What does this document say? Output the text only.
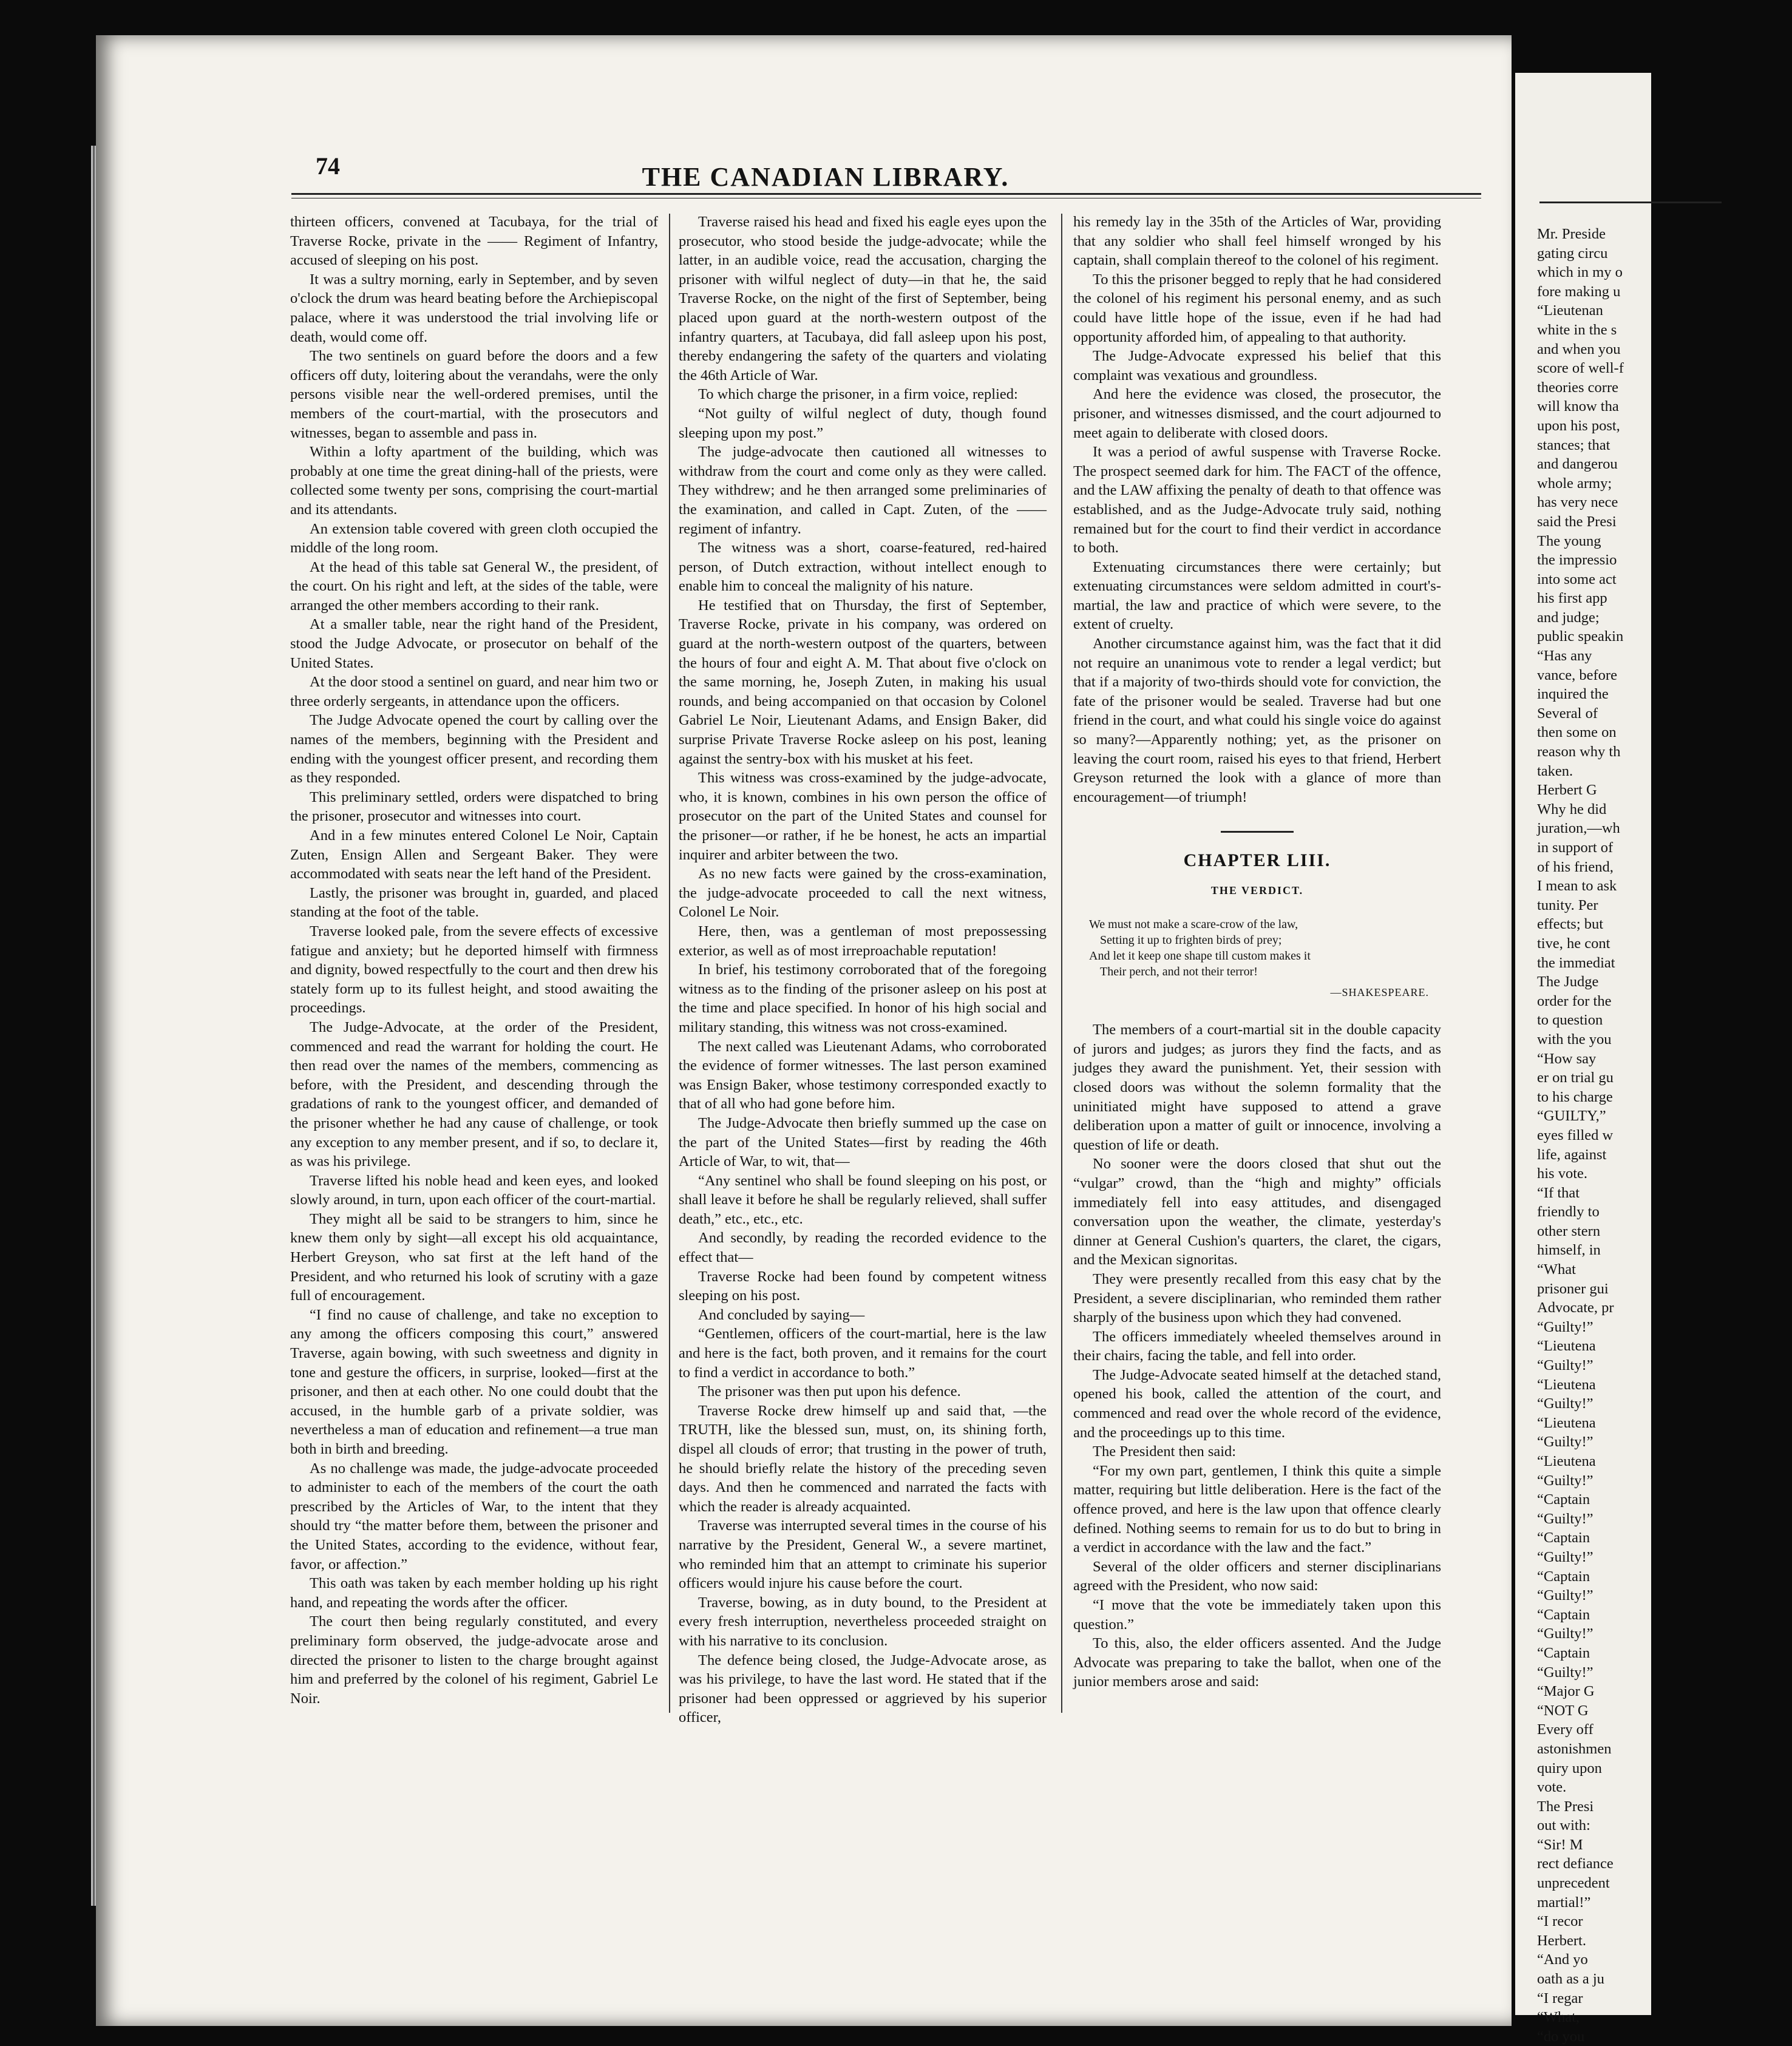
74	THE CANADIAN LIBRARY.

thirteen officers, convened at Tacubaya, for the trial of Traverse Rocke, private in the —— Regiment of Infantry, accused of sleeping on his post.

It was a sultry morning, early in September, and by seven o'clock the drum was heard beating before the Archiepiscopal palace, where it was understood the trial involving life or death, would come off.

The two sentinels on guard before the doors and a few officers off duty, loitering about the verandahs, were the only persons visible near the well-ordered premises, until the members of the court-martial, with the prosecutors and witnesses, began to assemble and pass in.

Within a lofty apartment of the building, which was probably at one time the great dining-hall of the priests, were collected some twenty per sons, comprising the court-martial and its attendants.

An extension table covered with green cloth occupied the middle of the long room.

At the head of this table sat General W., the president, of the court. On his right and left, at the sides of the table, were arranged the other members according to their rank.

At a smaller table, near the right hand of the President, stood the Judge Advocate, or prosecutor on behalf of the United States.

At the door stood a sentinel on guard, and near him two or three orderly sergeants, in attendance upon the officers.

The Judge Advocate opened the court by calling over the names of the members, beginning with the President and ending with the youngest officer present, and recording them as they responded.

This preliminary settled, orders were dispatched to bring the prisoner, prosecutor and witnesses into court.

And in a few minutes entered Colonel Le Noir, Captain Zuten, Ensign Allen and Sergeant Baker. They were accommodated with seats near the left hand of the President.

Lastly, the prisoner was brought in, guarded, and placed standing at the foot of the table.

Traverse looked pale, from the severe effects of excessive fatigue and anxiety; but he deported himself with firmness and dignity, bowed respectfully to the court and then drew his stately form up to its fullest height, and stood awaiting the proceedings.

The Judge-Advocate, at the order of the President, commenced and read the warrant for holding the court. He then read over the names of the members, commencing as before, with the President, and descending through the gradations of rank to the youngest officer, and demanded of the prisoner whether he had any cause of challenge, or took any exception to any member present, and if so, to declare it, as was his privilege.

Traverse lifted his noble head and keen eyes, and looked slowly around, in turn, upon each officer of the court-martial.

They might all be said to be strangers to him, since he knew them only by sight—all except his old acquaintance, Herbert Greyson, who sat first at the left hand of the President, and who returned his look of scrutiny with a gaze full of encouragement.

“I find no cause of challenge, and take no exception to any among the officers composing this court,” answered Traverse, again bowing, with such sweetness and dignity in tone and gesture the officers, in surprise, looked—first at the prisoner, and then at each other. No one could doubt that the accused, in the humble garb of a private soldier, was nevertheless a man of education and refinement—a true man both in birth and breeding.

As no challenge was made, the judge-advocate proceeded to administer to each of the members of the court the oath prescribed by the Articles of War, to the intent that they should try “the matter before them, between the prisoner and the United States, according to the evidence, without fear, favor, or affection.”

This oath was taken by each member holding up his right hand, and repeating the words after the officer.

The court then being regularly constituted, and every preliminary form observed, the judge-advocate arose and directed the prisoner to listen to the charge brought against him and preferred by the colonel of his regiment, Gabriel Le Noir.

Traverse raised his head and fixed his eagle eyes upon the prosecutor, who stood beside the judge-advocate; while the latter, in an audible voice, read the accusation, charging the prisoner with wilful neglect of duty—in that he, the said Traverse Rocke, on the night of the first of September, being placed upon guard at the north-western outpost of the infantry quarters, at Tacubaya, did fall asleep upon his post, thereby endangering the safety of the quarters and violating the 46th Article of War.

To which charge the prisoner, in a firm voice, replied:

“Not guilty of wilful neglect of duty, though found sleeping upon my post.”

The judge-advocate then cautioned all witnesses to withdraw from the court and come only as they were called. They withdrew; and he then arranged some preliminaries of the examination, and called in Capt. Zuten, of the —— regiment of infantry.

The witness was a short, coarse-featured, red-haired person, of Dutch extraction, without intellect enough to enable him to conceal the malignity of his nature.

He testified that on Thursday, the first of September, Traverse Rocke, private in his company, was ordered on guard at the north-western outpost of the quarters, between the hours of four and eight A. M. That about five o'clock on the same morning, he, Joseph Zuten, in making his usual rounds, and being accompanied on that occasion by Colonel Gabriel Le Noir, Lieutenant Adams, and Ensign Baker, did surprise Private Traverse Rocke asleep on his post, leaning against the sentry-box with his musket at his feet.

This witness was cross-examined by the judge-advocate, who, it is known, combines in his own person the office of prosecutor on the part of the United States and counsel for the prisoner—or rather, if he be honest, he acts an impartial inquirer and arbiter between the two.

As no new facts were gained by the cross-examination, the judge-advocate proceeded to call the next witness, Colonel Le Noir.

Here, then, was a gentleman of most prepossessing exterior, as well as of most irreproachable reputation!

In brief, his testimony corroborated that of the foregoing witness as to the finding of the prisoner asleep on his post at the time and place specified. In honor of his high social and military standing, this witness was not cross-examined.

The next called was Lieutenant Adams, who corroborated the evidence of former witnesses. The last person examined was Ensign Baker, whose testimony corresponded exactly to that of all who had gone before him.

The Judge-Advocate then briefly summed up the case on the part of the United States—first by reading the 46th Article of War, to wit, that—

“Any sentinel who shall be found sleeping on his post, or shall leave it before he shall be regularly relieved, shall suffer death,” etc., etc., etc.

And secondly, by reading the recorded evidence to the effect that—

Traverse Rocke had been found by competent witness sleeping on his post.

And concluded by saying—

“Gentlemen, officers of the court-martial, here is the law and here is the fact, both proven, and it remains for the court to find a verdict in accordance to both.”

The prisoner was then put upon his defence.

Traverse Rocke drew himself up and said that, —the TRUTH, like the blessed sun, must, on, its shining forth, dispel all clouds of error; that trusting in the power of truth, he should briefly relate the history of the preceding seven days. And then he commenced and narrated the facts with which the reader is already acquainted.

Traverse was interrupted several times in the course of his narrative by the President, General W., a severe martinet, who reminded him that an attempt to criminate his superior officers would injure his cause before the court.

Traverse, bowing, as in duty bound, to the President at every fresh interruption, nevertheless proceeded straight on with his narrative to its conclusion.

The defence being closed, the Judge-Advocate arose, as was his privilege, to have the last word. He stated that if the prisoner had been oppressed or aggrieved by his superior officer,

his remedy lay in the 35th of the Articles of War, providing that any soldier who shall feel himself wronged by his captain, shall complain thereof to the colonel of his regiment.

To this the prisoner begged to reply that he had considered the colonel of his regiment his personal enemy, and as such could have little hope of the issue, even if he had had opportunity afforded him, of appealing to that authority.

The Judge-Advocate expressed his belief that this complaint was vexatious and groundless.

And here the evidence was closed, the prosecutor, the prisoner, and witnesses dismissed, and the court adjourned to meet again to deliberate with closed doors.

It was a period of awful suspense with Traverse Rocke. The prospect seemed dark for him. The FACT of the offence, and the LAW affixing the penalty of death to that offence was established, and as the Judge-Advocate truly said, nothing remained but for the court to find their verdict in accordance to both.

Extenuating circumstances there were certainly; but extenuating circumstances were seldom admitted in court's-martial, the law and practice of which were severe, to the extent of cruelty.

Another circumstance against him, was the fact that it did not require an unanimous vote to render a legal verdict; but that if a majority of two-thirds should vote for conviction, the fate of the prisoner would be sealed. Traverse had but one friend in the court, and what could his single voice do against so many?—Apparently nothing; yet, as the prisoner on leaving the court room, raised his eyes to that friend, Herbert Greyson returned the look with a glance of more than encouragement—of triumph!

CHAPTER LIII.
THE VERDICT.
We must not make a scare-crow of the law,
Setting it up to frighten birds of prey;
And let it keep one shape till custom makes it
Their perch, and not their terror!
—SHAKESPEARE.

The members of a court-martial sit in the double capacity of jurors and judges; as jurors they find the facts, and as judges they award the punishment. Yet, their session with closed doors was without the solemn formality that the uninitiated might have supposed to attend a grave deliberation upon a matter of guilt or innocence, involving a question of life or death.

No sooner were the doors closed that shut out the “vulgar” crowd, than the “high and mighty” officials immediately fell into easy attitudes, and disengaged conversation upon the weather, the climate, yesterday's dinner at General Cushion's quarters, the claret, the cigars, and the Mexican signoritas.

They were presently recalled from this easy chat by the President, a severe disciplinarian, who reminded them rather sharply of the business upon which they had convened.

The officers immediately wheeled themselves around in their chairs, facing the table, and fell into order.

The Judge-Advocate seated himself at the detached stand, opened his book, called the attention of the court, and commenced and read over the whole record of the evidence, and the proceedings up to this time.

The President then said:

“For my own part, gentlemen, I think this quite a simple matter, requiring but little deliberation. Here is the fact of the offence proved, and here is the law upon that offence clearly defined. Nothing seems to remain for us to do but to bring in a verdict in accordance with the law and the fact.”

Several of the older officers and sterner disciplinarians agreed with the President, who now said:

“I move that the vote be immediately taken upon this question.”

To this, also, the elder officers assented. And the Judge Advocate was preparing to take the ballot, when one of the junior members arose and said:

Mr. Preside
gating circu
which in my o
fore making u
“Lieutenan
white in the s
and when you
score of well-f
theories corre
will know tha
upon his post,
stances; that
and dangerou
whole army;
has very nece
said the Presi
The young
the impressio
into some act
his first app
and judge;
public speakin
“Has any
vance, before
inquired the
Several of
then some on
reason why th
taken.
Herbert G
Why he did
juration,—wh
in support of
of his friend,
I mean to ask
tunity. Per
effects; but
tive, he cont
the immediat
The Judge
order for the
to question
with the you
“How say
er on trial gu
to his charge
“GUILTY,”
eyes filled w
life, against
his vote.
“If that
friendly to
other stern
himself, in
“What
prisoner gui
Advocate, pr
“Guilty!”
“Lieutena
“Guilty!”
“Lieutena
“Guilty!”
“Lieutena
“Guilty!”
“Lieutena
“Guilty!”
“Captain
“Guilty!”
“Captain
“Guilty!”
“Captain
“Guilty!”
“Captain
“Guilty!”
“Captain
“Guilty!”
“Major G
“NOT G
Every off
astonishmen
quiry upon
vote.
The Presi
out with:
“Sir! M
rect defiance
unprecedent
martial!”
“I recor
Herbert.
“And yo
oath as a ju
“I regar
“What,
“do you
